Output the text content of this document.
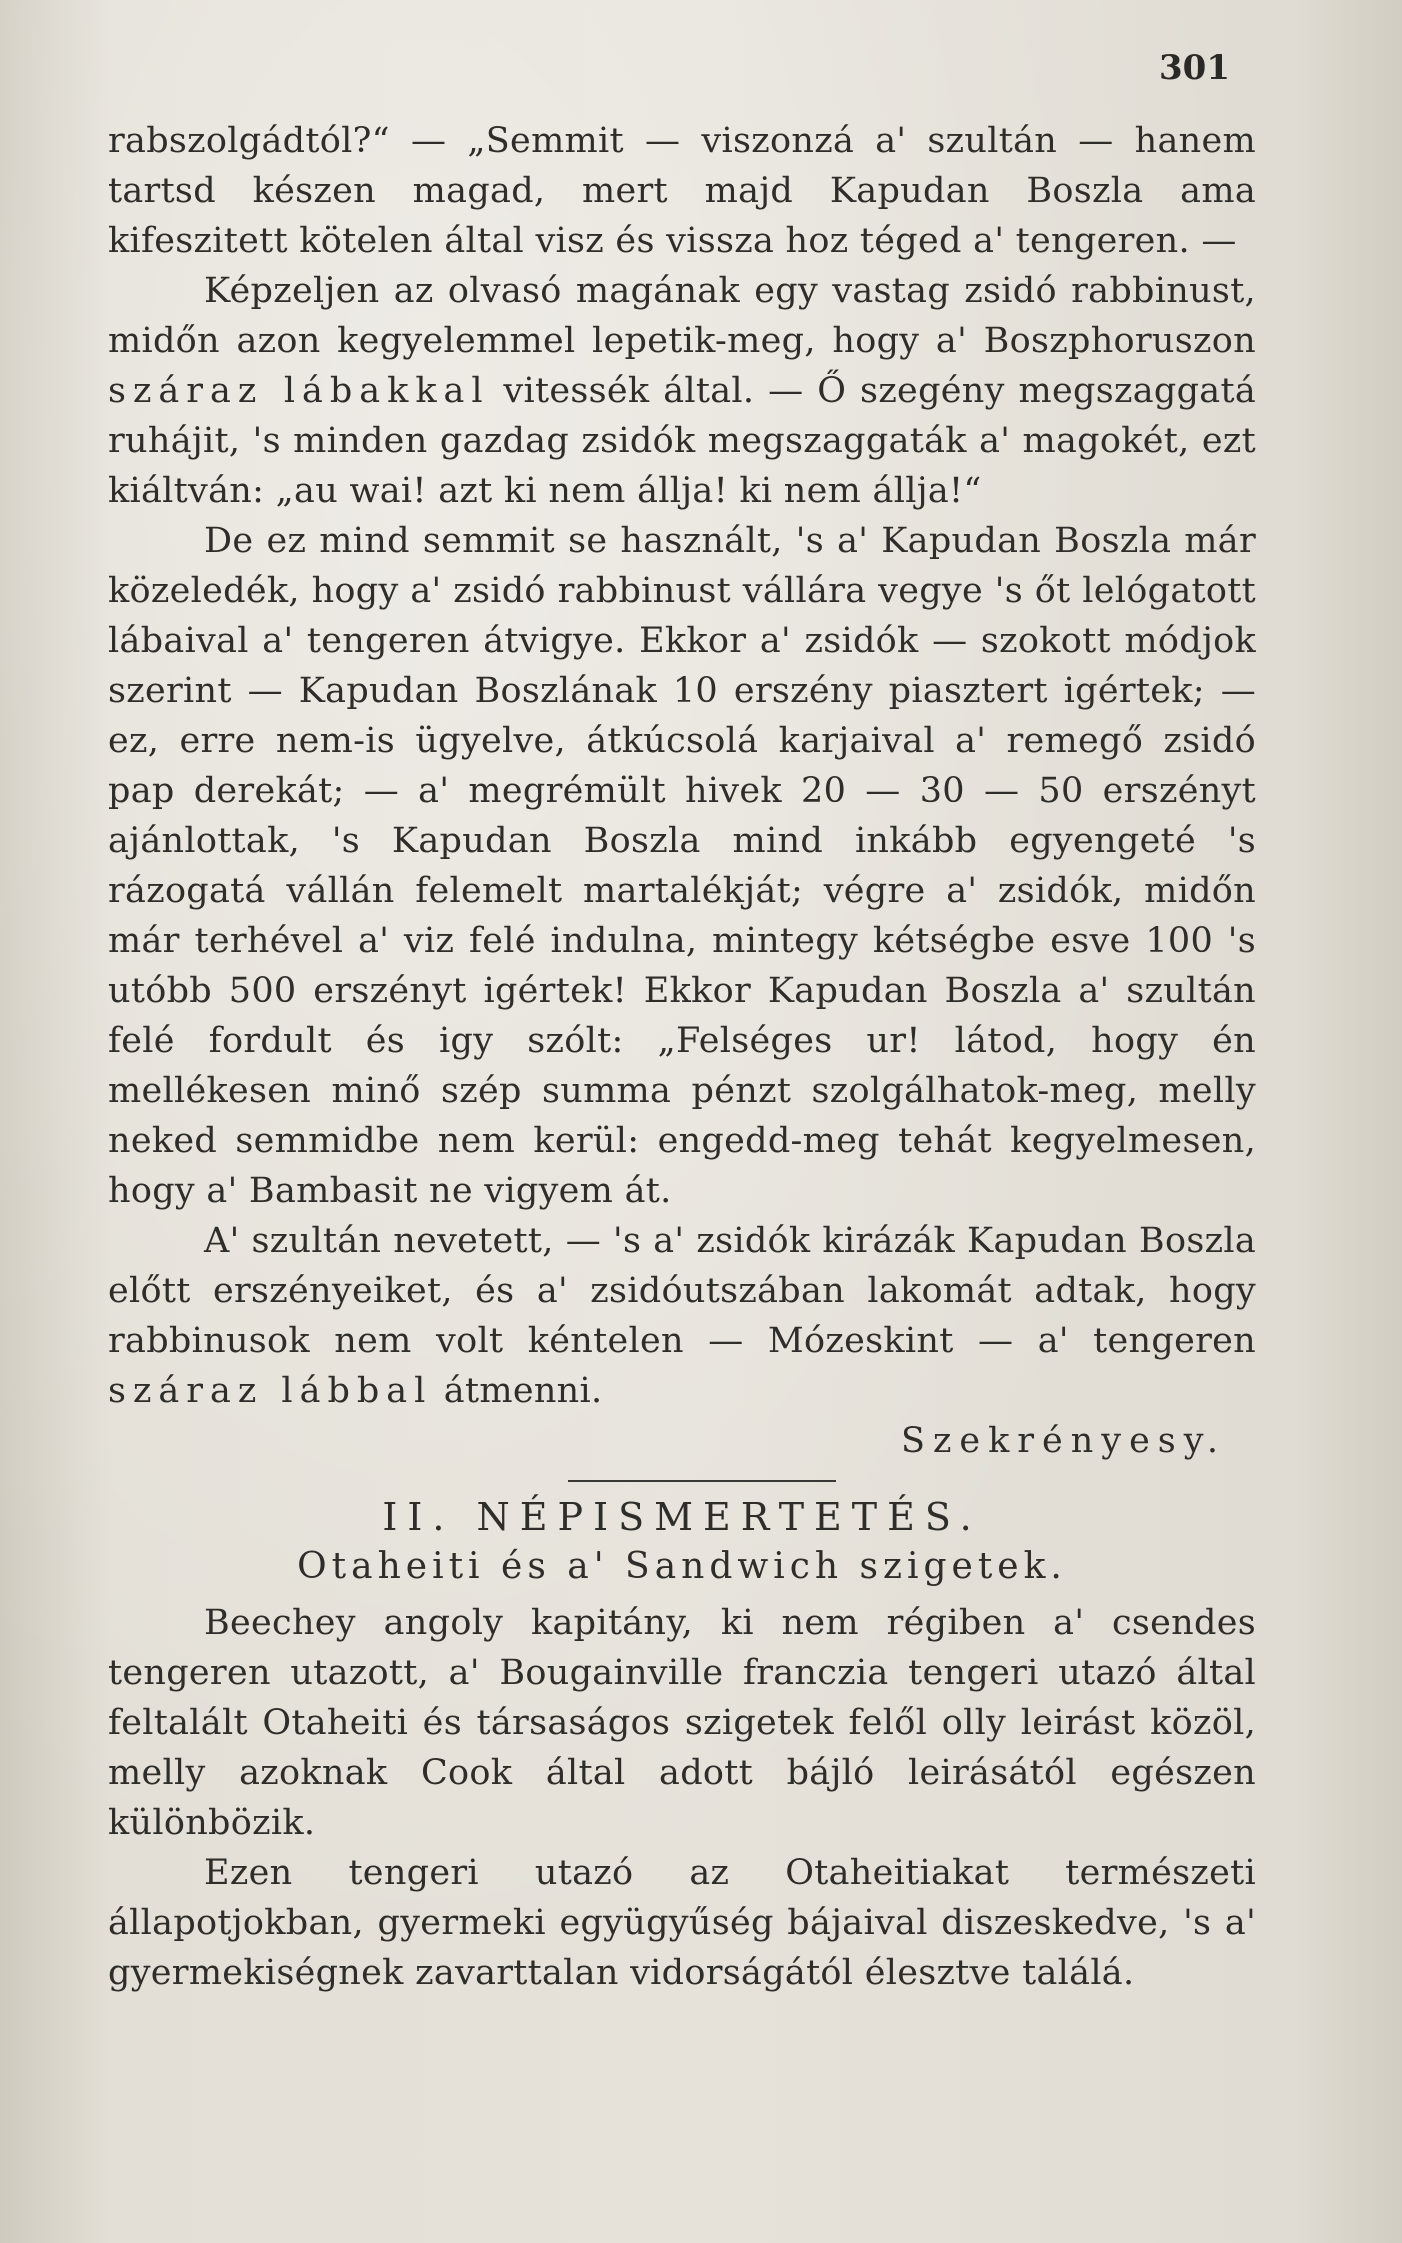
301

rabszolgádtól?“ — „Semmit — viszonzá a' szultán — hanem tartsd készen magad, mert majd Kapudan Boszla ama kifeszitett kötelen által visz és vissza hoz téged a' tengeren. —

Képzeljen az olvasó magának egy vastag zsidó rabbinust, midőn azon kegyelemmel lepetik-meg, hogy a' Boszphoruszon száraz lábakkal vitessék által. — Ő szegény megszaggatá ruhájit, 's minden gazdag zsidók megszaggaták a' magokét, ezt kiáltván: „au wai! azt ki nem állja! ki nem állja!“

De ez mind semmit se használt, 's a' Kapudan Boszla már közeledék, hogy a' zsidó rabbinust vállára vegye 's őt lelógatott lábaival a' tengeren átvigye. Ekkor a' zsidók — szokott módjok szerint — Kapudan Boszlának 10 erszény piasztert igértek; — ez, erre nem-is ügyelve, átkúcsolá karjaival a' remegő zsidó pap derekát; — a' megrémült hivek 20 — 30 — 50 erszényt ajánlottak, 's Kapudan Boszla mind inkább egyengeté 's rázogatá vállán felemelt martalékját; végre a' zsidók, midőn már terhével a' viz felé indulna, mintegy kétségbe esve 100 's utóbb 500 erszényt igértek! Ekkor Kapudan Boszla a' szultán felé fordult és igy szólt: „Felséges ur! látod, hogy én mellékesen minő szép summa pénzt szolgálhatok-meg, melly neked semmidbe nem kerül: engedd-meg tehát kegyelmesen, hogy a' Bambasit ne vigyem át.

A' szultán nevetett, — 's a' zsidók kirázák Kapudan Boszla előtt erszényeiket, és a' zsidóutszában lakomát adtak, hogy rabbinusok nem volt kéntelen — Mózeskint — a' tengeren száraz lábbal átmenni.

Szekrényesy.

II. NÉPISMERTETÉS.

Otaheiti és a' Sandwich szigetek.

Beechey angoly kapitány, ki nem régiben a' csendes tengeren utazott, a' Bougainville franczia tengeri utazó által feltalált Otaheiti és társaságos szigetek felől olly leirást közöl, melly azoknak Cook által adott bájló leirásától egészen különbözik.

Ezen tengeri utazó az Otaheitiakat természeti állapotjokban, gyermeki együgyűség bájaival diszeskedve, 's a' gyermekiségnek zavarttalan vidorságától élesztve találá.
